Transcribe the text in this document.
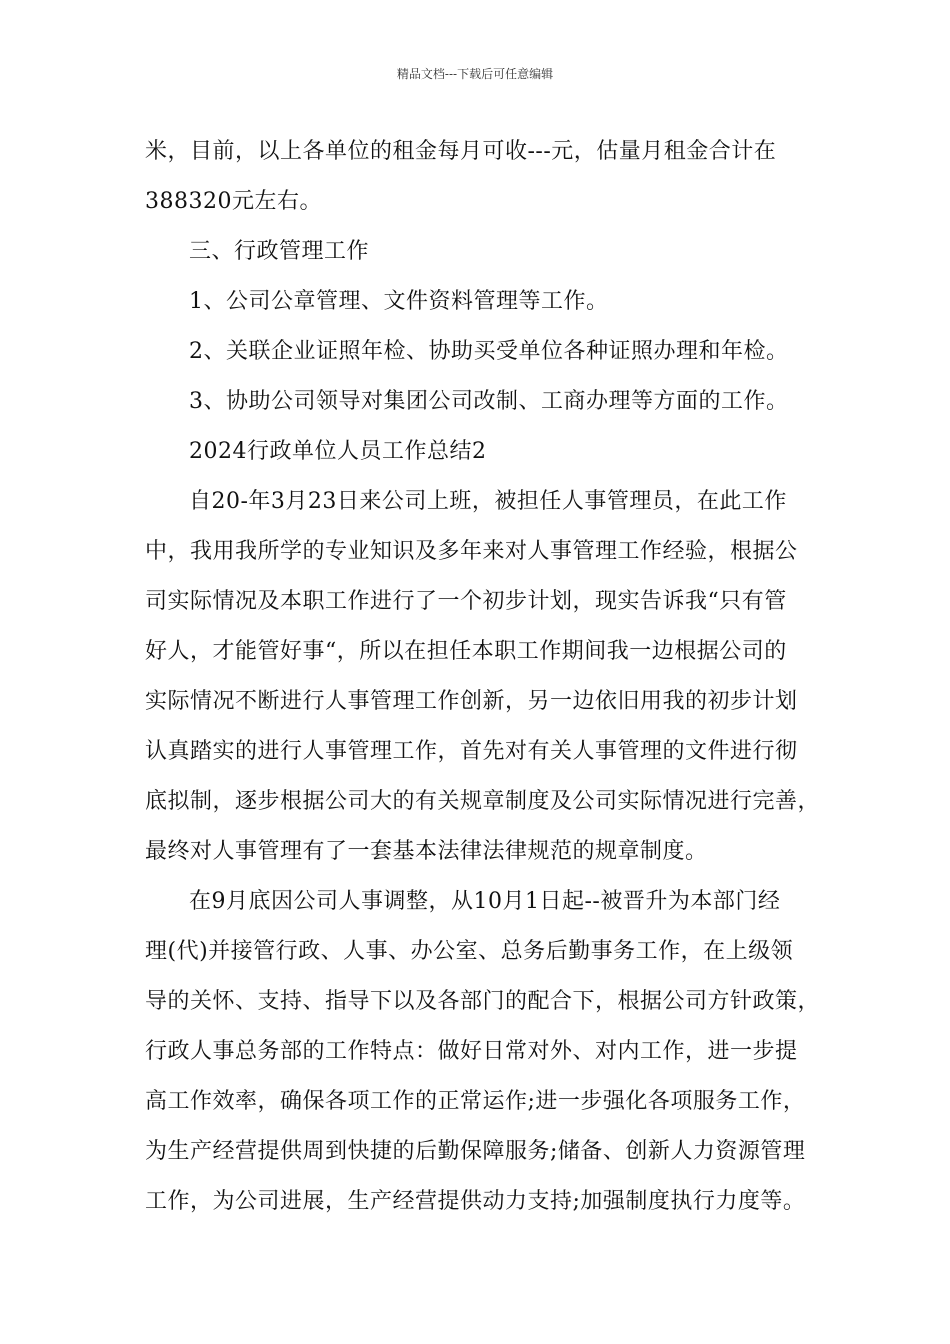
精品文档---下载后可任意编辑
米，目前，以上各单位的租金每月可收---元，估量月租金合计在
388320元左右。
三、行政管理工作
1、公司公章管理、文件资料管理等工作。
2、关联企业证照年检、协助买受单位各种证照办理和年检。
3、协助公司领导对集团公司改制、工商办理等方面的工作。
2024行政单位人员工作总结2
自20-年3月23日来公司上班，被担任人事管理员，在此工作
中，我用我所学的专业知识及多年来对人事管理工作经验，根据公
司实际情况及本职工作进行了一个初步计划，现实告诉我“只有管
好人，才能管好事“，所以在担任本职工作期间我一边根据公司的
实际情况不断进行人事管理工作创新，另一边依旧用我的初步计划
认真踏实的进行人事管理工作，首先对有关人事管理的文件进行彻
底拟制，逐步根据公司大的有关规章制度及公司实际情况进行完善，
最终对人事管理有了一套基本法律法律规范的规章制度。
在9月底因公司人事调整，从10月1日起--被晋升为本部门经
理(代)并接管行政、人事、办公室、总务后勤事务工作，在上级领
导的关怀、支持、指导下以及各部门的配合下，根据公司方针政策，
行政人事总务部的工作特点：做好日常对外、对内工作，进一步提
高工作效率，确保各项工作的正常运作;进一步强化各项服务工作，
为生产经营提供周到快捷的后勤保障服务;储备、创新人力资源管理
工作，为公司进展，生产经营提供动力支持;加强制度执行力度等。
